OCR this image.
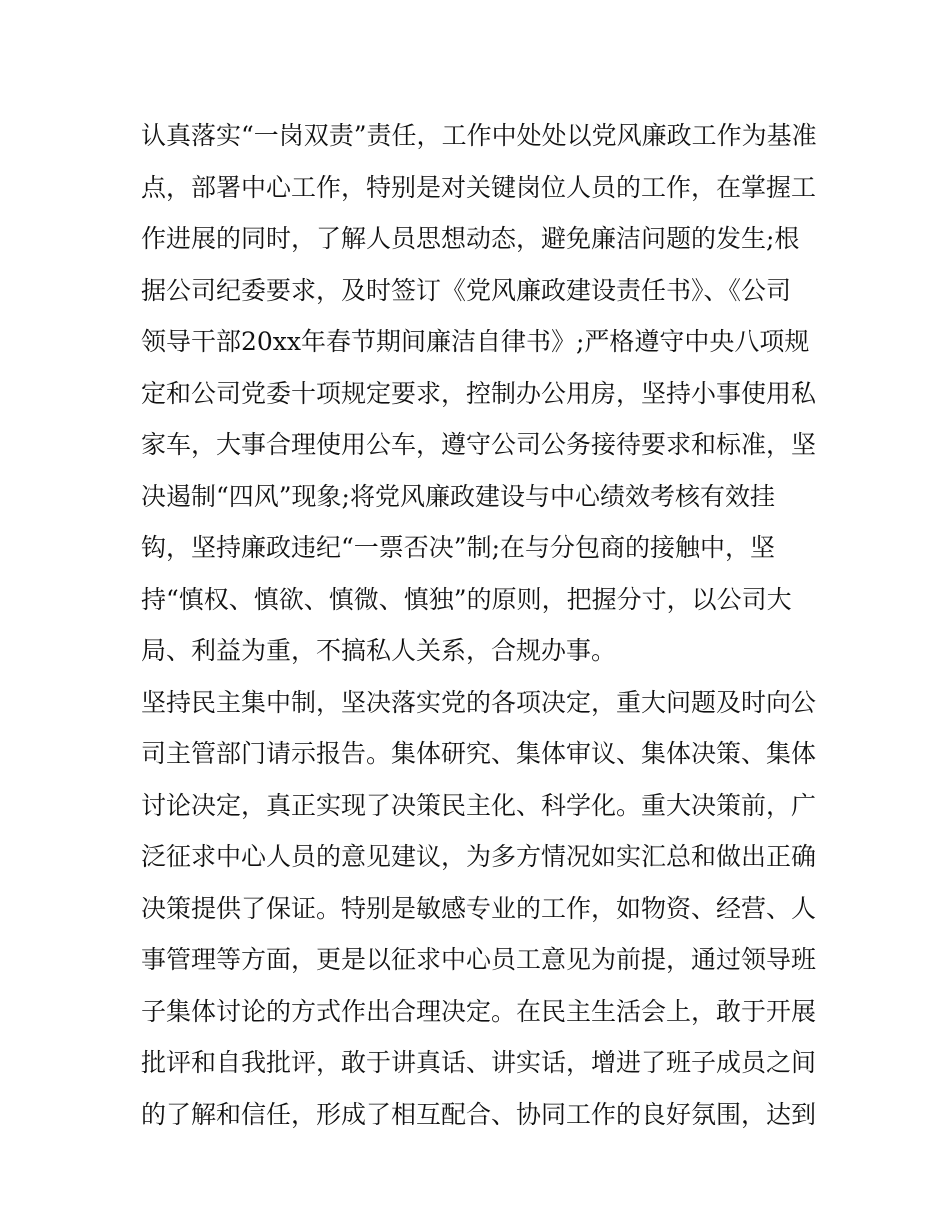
认真落实“一岗双责”责任，工作中处处以党风廉政工作为基准
点，部署中心工作，特别是对关键岗位人员的工作，在掌握工
作进展的同时，了解人员思想动态，避免廉洁问题的发生;根
据公司纪委要求，及时签订《党风廉政建设责任书》、《公司
领导干部20xx年春节期间廉洁自律书》;严格遵守中央八项规
定和公司党委十项规定要求，控制办公用房，坚持小事使用私
家车，大事合理使用公车，遵守公司公务接待要求和标准，坚
决遏制“四风”现象;将党风廉政建设与中心绩效考核有效挂
钩，坚持廉政违纪“一票否决”制;在与分包商的接触中，坚
持“慎权、慎欲、慎微、慎独”的原则，把握分寸，以公司大
局、利益为重，不搞私人关系，合规办事。
坚持民主集中制，坚决落实党的各项决定，重大问题及时向公
司主管部门请示报告。集体研究、集体审议、集体决策、集体
讨论决定，真正实现了决策民主化、科学化。重大决策前，广
泛征求中心人员的意见建议，为多方情况如实汇总和做出正确
决策提供了保证。特别是敏感专业的工作，如物资、经营、人
事管理等方面，更是以征求中心员工意见为前提，通过领导班
子集体讨论的方式作出合理决定。在民主生活会上，敢于开展
批评和自我批评，敢于讲真话、讲实话，增进了班子成员之间
的了解和信任，形成了相互配合、协同工作的良好氛围，达到
